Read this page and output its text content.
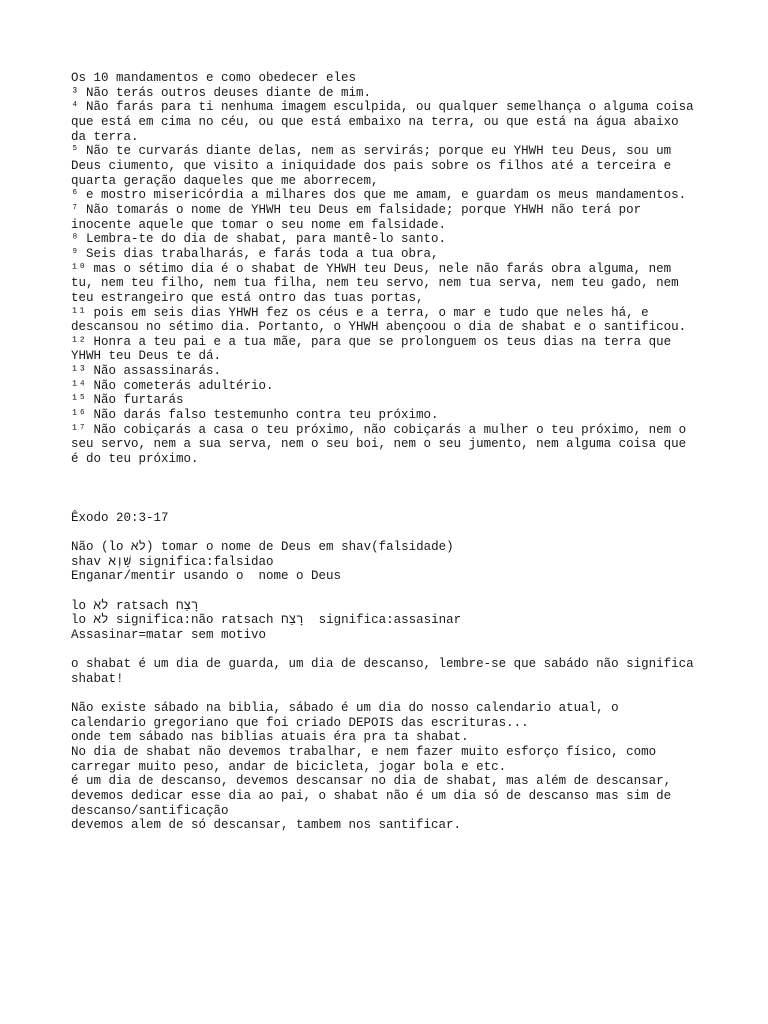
Os 10 mandamentos e como obedecer eles
³ Não terás outros deuses diante de mim.
⁴ Não farás para ti nenhuma imagem esculpida, ou qualquer semelhança o alguma coisa
que está em cima no céu, ou que está embaixo na terra, ou que está na água abaixo
da terra.
⁵ Não te curvarás diante delas, nem as servirás; porque eu YHWH teu Deus, sou um
Deus ciumento, que visito a iniquidade dos pais sobre os filhos até a terceira e
quarta geração daqueles que me aborrecem,
⁶ e mostro misericórdia a milhares dos que me amam, e guardam os meus mandamentos.
⁷ Não tomarás o nome de YHWH teu Deus em falsidade; porque YHWH não terá por
inocente aquele que tomar o seu nome em falsidade.
⁸ Lembra-te do dia de shabat, para mantê-lo santo.
⁹ Seis dias trabalharás, e farás toda a tua obra,
¹⁰ mas o sétimo dia é o shabat de YHWH teu Deus, nele não farás obra alguma, nem
tu, nem teu filho, nem tua filha, nem teu servo, nem tua serva, nem teu gado, nem
teu estrangeiro que está ontro das tuas portas,
¹¹ pois em seis dias YHWH fez os céus e a terra, o mar e tudo que neles há, e
descansou no sétimo dia. Portanto, o YHWH abençoou o dia de shabat e o santificou.
¹² Honra a teu pai e a tua mãe, para que se prolonguem os teus dias na terra que
YHWH teu Deus te dá.
¹³ Não assassinarás.
¹⁴ Não cometerás adultério.
¹⁵ Não furtarás
¹⁶ Não darás falso testemunho contra teu próximo.
¹⁷ Não cobiçarás a casa o teu próximo, não cobiçarás a mulher o teu próximo, nem o
seu servo, nem a sua serva, nem o seu boi, nem o seu jumento, nem alguma coisa que
é do teu próximo.
Êxodo 20:3-17
Não (lo לא) tomar o nome de Deus em shav(falsidade)
shav שָׁוְא significa:falsidao
Enganar/mentir usando o  nome o Deus
lo לא ratsach רָצַח
lo לא significa:não ratsach רָצַח  significa:assasinar
Assasinar=matar sem motivo
o shabat é um dia de guarda, um dia de descanso, lembre-se que sabádo não significa
shabat!
Não existe sábado na biblia, sábado é um dia do nosso calendario atual, o
calendario gregoriano que foi criado DEPOIS das escrituras...
onde tem sábado nas biblias atuais éra pra ta shabat.
No dia de shabat não devemos trabalhar, e nem fazer muito esforço físico, como
carregar muito peso, andar de bicicleta, jogar bola e etc.
é um dia de descanso, devemos descansar no dia de shabat, mas além de descansar,
devemos dedicar esse dia ao pai, o shabat não é um dia só de descanso mas sim de
descanso/santificação
devemos alem de só descansar, tambem nos santificar.
